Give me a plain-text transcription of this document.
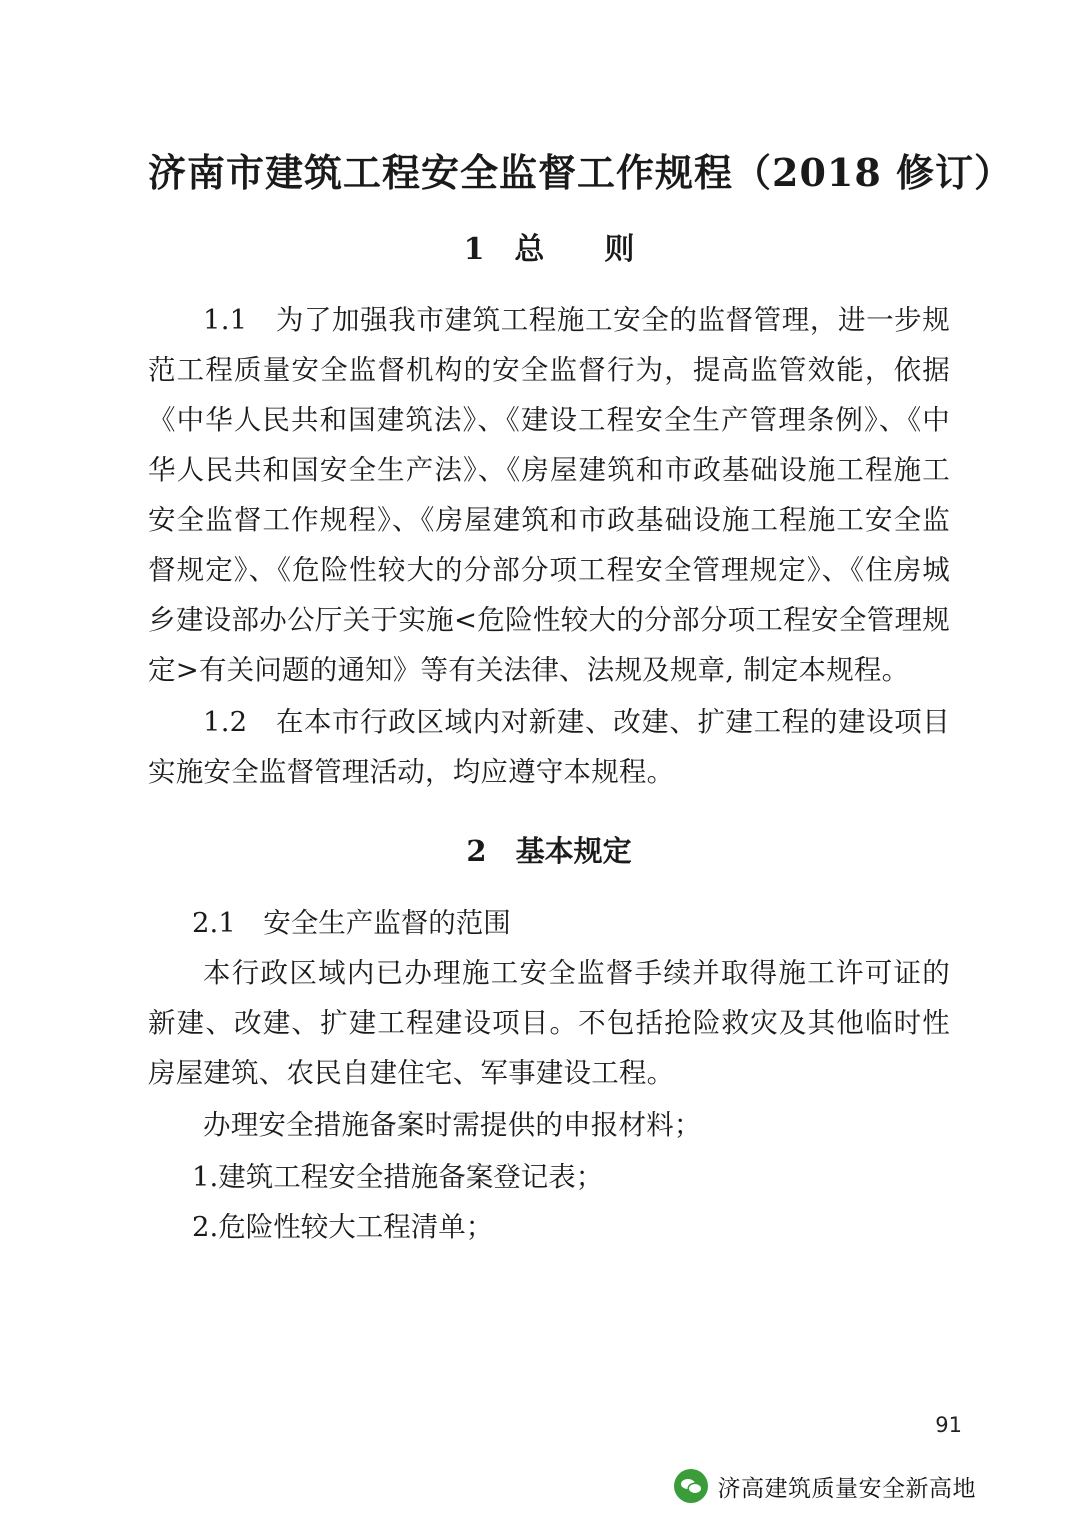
济南市建筑工程安全监督工作规程（2018 修订）
1　总　　则

1.1　为了加强我市建筑工程施工安全的监督管理，进一步规范工程质量安全监督机构的安全监督行为，提高监管效能，依据《中华人民共和国建筑法》、《建设工程安全生产管理条例》、《中华人民共和国安全生产法》、《房屋建筑和市政基础设施工程施工安全监督工作规程》、《房屋建筑和市政基础设施工程施工安全监督规定》、《危险性较大的分部分项工程安全管理规定》、《住房城乡建设部办公厅关于实施<危险性较大的分部分项工程安全管理规定>有关问题的通知》等有关法律、法规及规章, 制定本规程。

1.2　在本市行政区域内对新建、改建、扩建工程的建设项目实施安全监督管理活动，均应遵守本规程。

2　基本规定

2.1　安全生产监督的范围

本行政区域内已办理施工安全监督手续并取得施工许可证的新建、改建、扩建工程建设项目。不包括抢险救灾及其他临时性房屋建筑、农民自建住宅、军事建设工程。

办理安全措施备案时需提供的申报材料；

1.建筑工程安全措施备案登记表；

2.危险性较大工程清单；

91
济高建筑质量安全新高地
